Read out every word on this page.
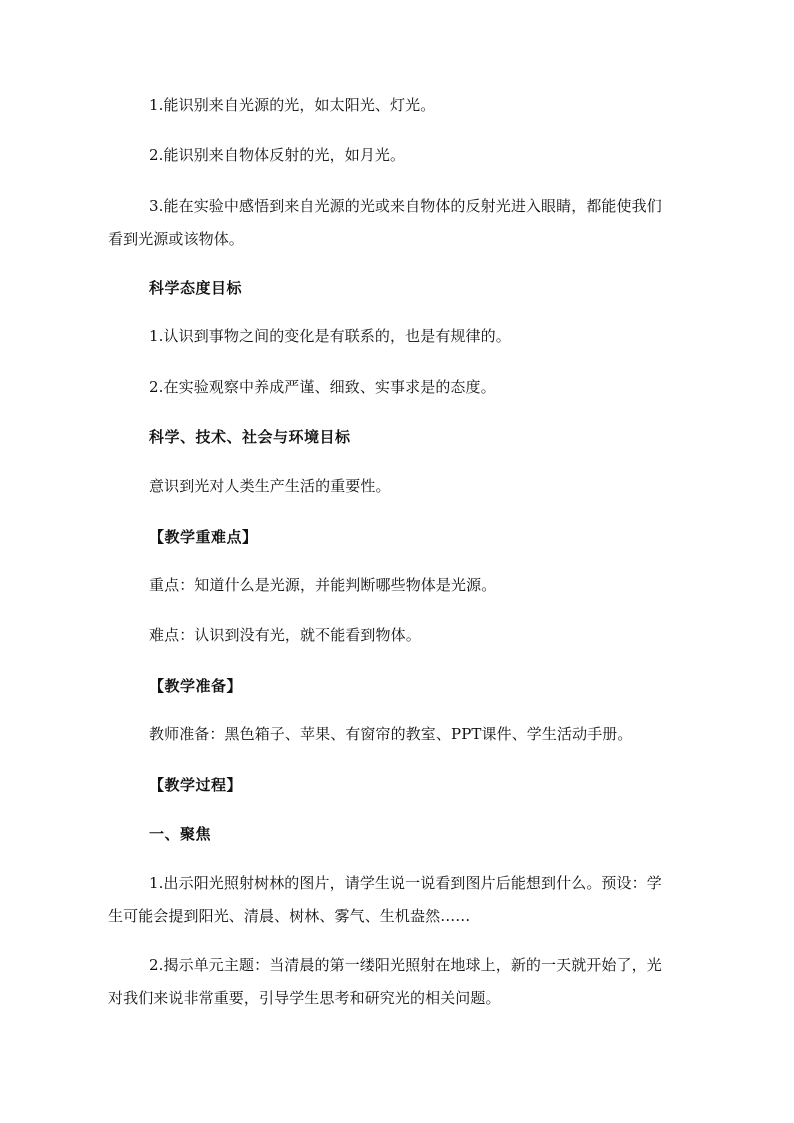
1.能识别来自光源的光，如太阳光、灯光。

2.能识别来自物体反射的光，如月光。

3.能在实验中感悟到来自光源的光或来自物体的反射光进入眼睛，都能使我们看到光源或该物体。

科学态度目标

1.认识到事物之间的变化是有联系的，也是有规律的。

2.在实验观察中养成严谨、细致、实事求是的态度。

科学、技术、社会与环境目标

意识到光对人类生产生活的重要性。

【教学重难点】

重点：知道什么是光源，并能判断哪些物体是光源。

难点：认识到没有光，就不能看到物体。

【教学准备】

教师准备：黑色箱子、苹果、有窗帘的教室、PPT课件、学生活动手册。

【教学过程】

一、聚焦

1.出示阳光照射树林的图片，请学生说一说看到图片后能想到什么。预设：学生可能会提到阳光、清晨、树林、雾气、生机盎然……

2.揭示单元主题：当清晨的第一缕阳光照射在地球上，新的一天就开始了，光对我们来说非常重要，引导学生思考和研究光的相关问题。
